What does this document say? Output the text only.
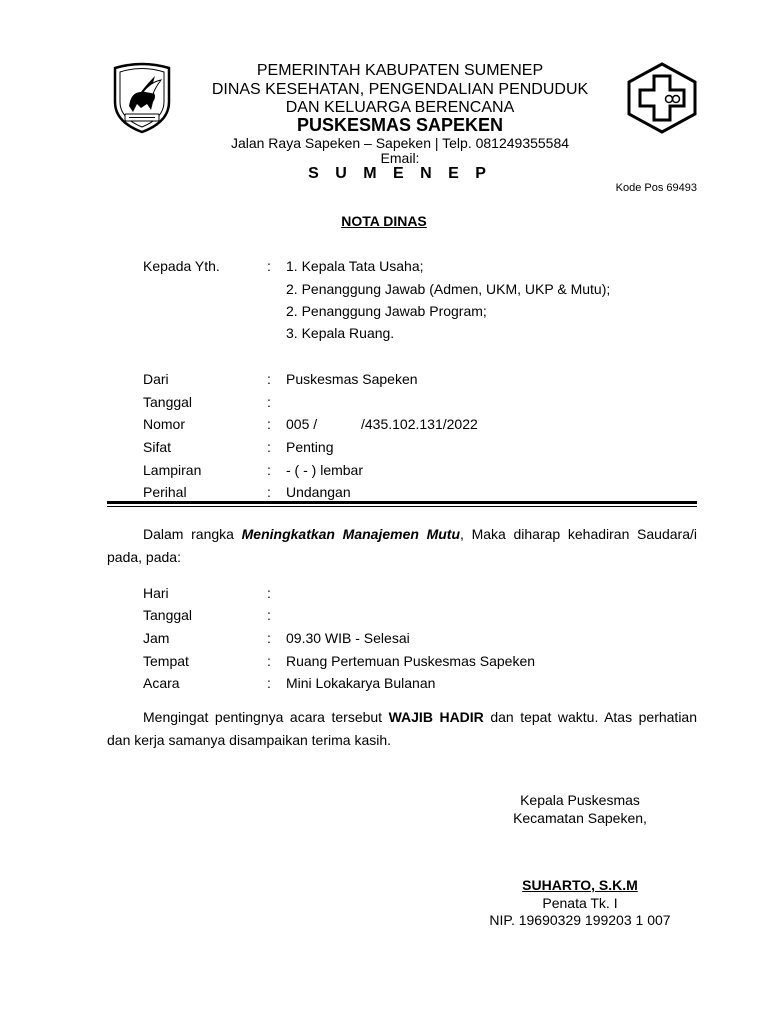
PEMERINTAH KABUPATEN SUMENEP
DINAS KESEHATAN, PENGENDALIAN PENDUDUK
DAN KELUARGA BERENCANA
PUSKESMAS SAPEKEN
Jalan Raya Sapeken – Sapeken | Telp. 081249355584
Email:
S U M E N E P
Kode Pos 69493
NOTA DINAS
Kepada Yth.	: 1. Kepala Tata Usaha;
2. Penanggung Jawab (Admen, UKM, UKP & Mutu);
2. Penanggung Jawab Program;
3. Kepala Ruang.
Dari	: Puskesmas Sapeken
Tanggal	:
Nomor	: 005 /	/435.102.131/2022
Sifat	: Penting
Lampiran	: - ( - ) lembar
Perihal	: Undangan
Dalam rangka Meningkatkan Manajemen Mutu, Maka diharap kehadiran Saudara/i pada, pada:
Hari	:
Tanggal	:
Jam	: 09.30 WIB - Selesai
Tempat	: Ruang Pertemuan Puskesmas Sapeken
Acara	: Mini Lokakarya Bulanan
Mengingat pentingnya acara tersebut WAJIB HADIR dan tepat waktu. Atas perhatian dan kerja samanya disampaikan terima kasih.
Kepala Puskesmas
Kecamatan Sapeken,
SUHARTO, S.K.M
Penata Tk. I
NIP. 19690329 199203 1 007
